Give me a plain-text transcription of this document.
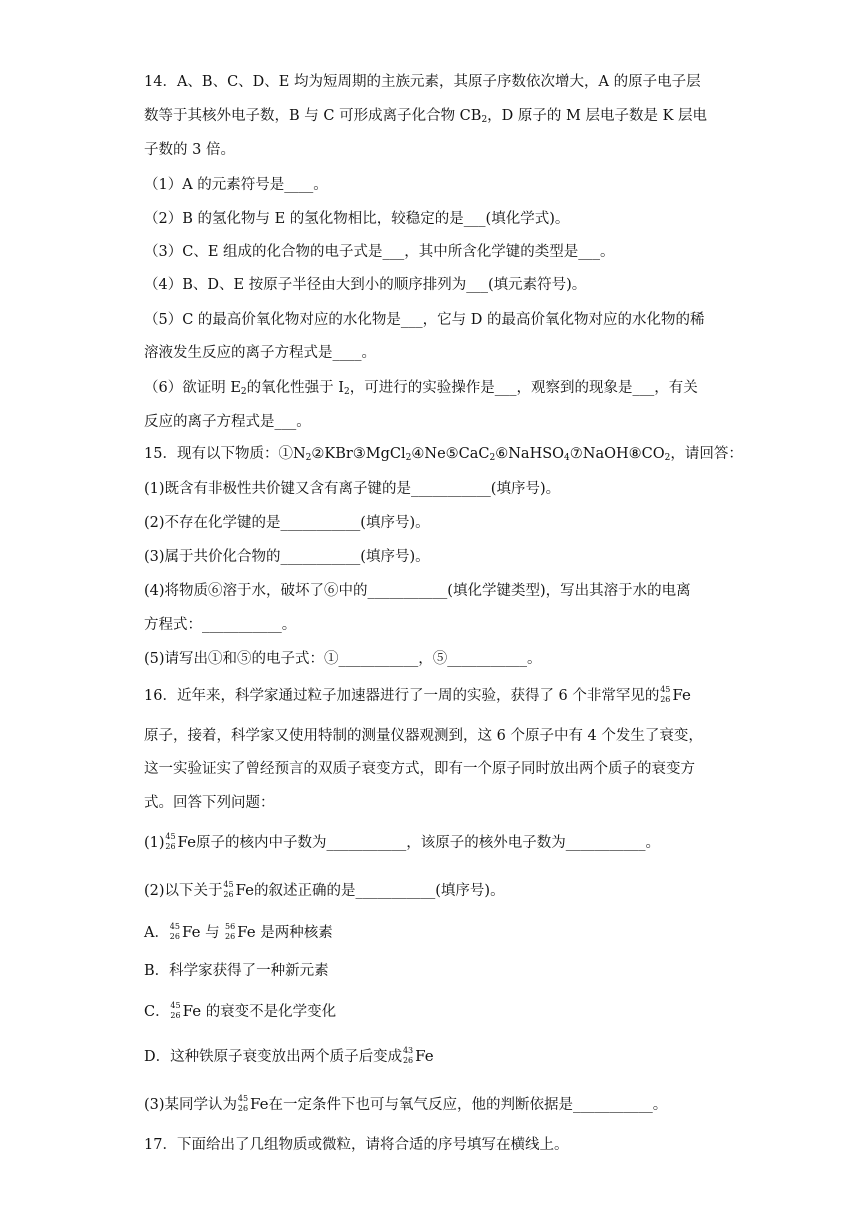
14．A、B、C、D、E 均为短周期的主族元素，其原子序数依次增大，A 的原子电子层
数等于其核外电子数，B 与 C 可形成离子化合物 $CB_2$，D 原子的 M 层电子数是 K 层电
子数的 3 倍。
（1）A 的元素符号是____。
（2）B 的氢化物与 E 的氢化物相比，较稳定的是___(填化学式)。
（3）C、E 组成的化合物的电子式是___，其中所含化学键的类型是___。
（4）B、D、E 按原子半径由大到小的顺序排列为___(填元素符号)。
（5）C 的最高价氧化物对应的水化物是___，它与 D 的最高价氧化物对应的水化物的稀
溶液发生反应的离子方程式是____。
（6）欲证明 $E_2$的氧化性强于 $I_2$，可进行的实验操作是___，观察到的现象是___，有关
反应的离子方程式是___。
15．现有以下物质：$①N_2②KBr③MgCl_2④Ne⑤CaC_2⑥NaHSO_4⑦NaOH⑧CO_2$，请回答：
(1)既含有非极性共价键又含有离子键的是___________(填序号)。
(2)不存在化学键的是___________(填序号)。
(3)属于共价化合物的___________(填序号)。
(4)将物质⑥溶于水，破坏了⑥中的___________(填化学键类型)，写出其溶于水的电离
方程式：___________。
(5)请写出①和⑤的电子式：①___________，⑤___________。
16．近年来，科学家通过粒子加速器进行了一周的实验，获得了 6 个非常罕见的 45
26 Fe
原子，接着，科学家又使用特制的测量仪器观测到，这 6 个原子中有 4 个发生了衰变，
这一实验证实了曾经预言的双质子衰变方式，即有一个原子同时放出两个质子的衰变方
式。回答下列问题：
(1) 45
26 Fe原子的核内中子数为___________，该原子的核外电子数为___________。
(2)以下关于 45
26 Fe的叙述正确的是___________(填序号)。
A． 45
26 Fe 与 56
26 Fe 是两种核素
B．科学家获得了一种新元素
C． 45
26 Fe 的衰变不是化学变化
D．这种铁原子衰变放出两个质子后变成 43
26 Fe
(3)某同学认为 45
26 Fe在一定条件下也可与氧气反应，他的判断依据是___________。
17．下面给出了几组物质或微粒，请将合适的序号填写在横线上。
